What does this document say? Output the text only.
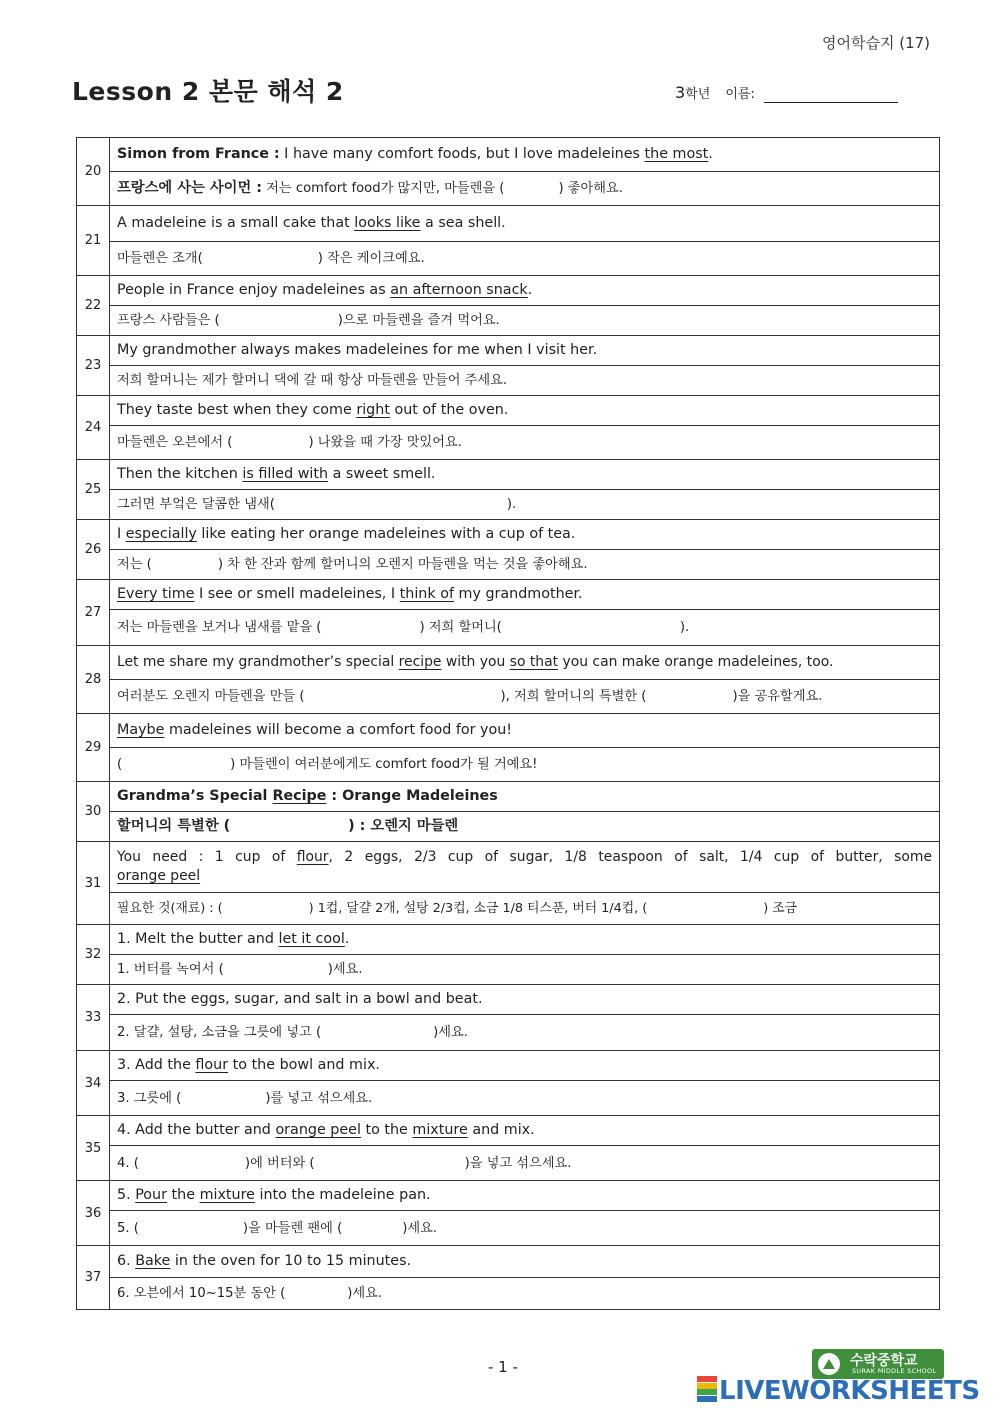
영어학습지 (17)
Lesson 2 본문 해석 2	3학년 이름:
20	Simon from France : I have many comfort foods, but I love madeleines the most.
	프랑스에 사는 사이먼 : 저는 comfort food가 많지만, 마들렌을 ( ) 좋아해요.
21	A madeleine is a small cake that looks like a sea shell.
	마들렌은 조개( ) 작은 케이크예요.
22	People in France enjoy madeleines as an afternoon snack.
	프랑스 사람들은 ( )으로 마들렌을 즐겨 먹어요.
23	My grandmother always makes madeleines for me when I visit her.
	저희 할머니는 제가 할머니 댁에 갈 때 항상 마들렌을 만들어 주세요.
24	They taste best when they come right out of the oven.
	마들렌은 오븐에서 ( ) 나왔을 때 가장 맛있어요.
25	Then the kitchen is filled with a sweet smell.
	그러면 부엌은 달콤한 냄새( ).
26	I especially like eating her orange madeleines with a cup of tea.
	저는 ( ) 차 한 잔과 함께 할머니의 오렌지 마들렌을 먹는 것을 좋아해요.
27	Every time I see or smell madeleines, I think of my grandmother.
	저는 마들렌을 보거나 냄새를 맡을 ( ) 저희 할머니( ).
28	Let me share my grandmother’s special recipe with you so that you can make orange madeleines, too.
	여러분도 오렌지 마들렌을 만들 ( ), 저희 할머니의 특별한 ( )을 공유할게요.
29	Maybe madeleines will become a comfort food for you!
	( ) 마들렌이 여러분에게도 comfort food가 될 거예요!
30	Grandma’s Special Recipe : Orange Madeleines
	할머니의 특별한 ( ) : 오렌지 마들렌
31	You need : 1 cup of flour, 2 eggs, 2/3 cup of sugar, 1/8 teaspoon of salt, 1/4 cup of butter, some
orange peel

	필요한 것(재료) : ( ) 1컵, 달걀 2개, 설탕 2/3컵, 소금 1/8 티스푼, 버터 1/4컵, ( ) 조금
32	1. Melt the butter and let it cool.
	1. 버터를 녹여서 ( )세요.
33	2. Put the eggs, sugar, and salt in a bowl and beat.
	2. 달걀, 설탕, 소금을 그릇에 넣고 ( )세요.
34	3. Add the flour to the bowl and mix.
	3. 그릇에 ( )를 넣고 섞으세요.
35	4. Add the butter and orange peel to the mixture and mix.
	4. ( )에 버터와 ( )을 넣고 섞으세요.
36	5. Pour the mixture into the madeleine pan.
	5. ( )을 마들렌 팬에 ( )세요.
37	6. Bake in the oven for 10 to 15 minutes.
	6. 오븐에서 10~15분 동안 ( )세요.
- 1 -	수락중학교
SURAK MIDDLE SCHOOL
LIVEWORKSHEETS
